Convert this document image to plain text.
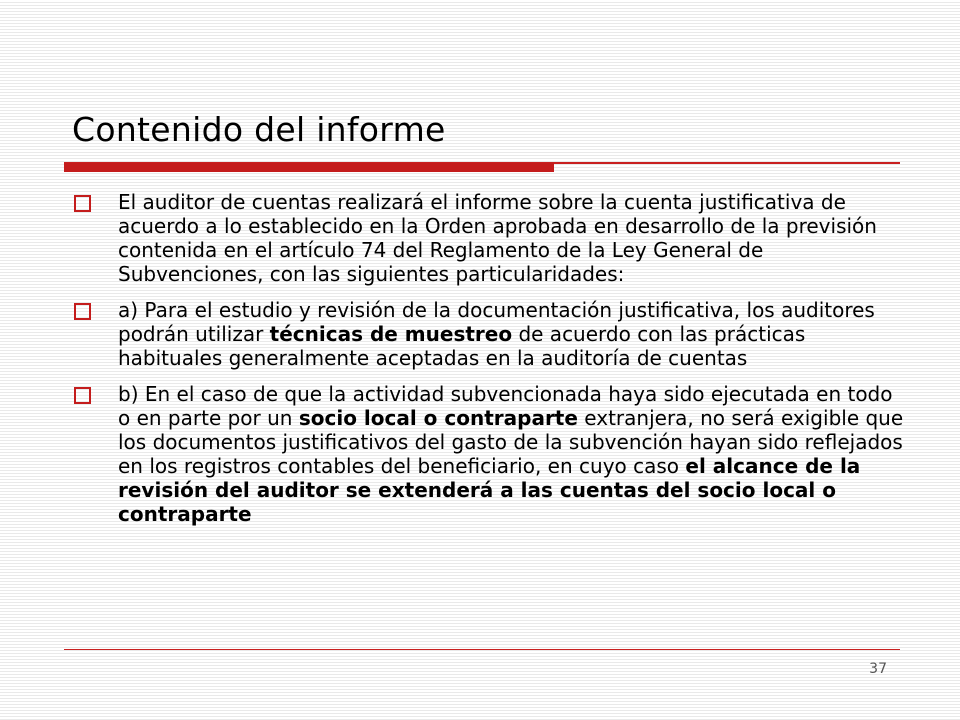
Contenido del informe
El auditor de cuentas realizará el informe sobre la cuenta justificativa de acuerdo a lo establecido en la Orden aprobada en desarrollo de la previsión contenida en el artículo 74 del Reglamento de la Ley General de Subvenciones, con las siguientes particularidades:
a) Para el estudio y revisión de la documentación justificativa, los auditores podrán utilizar técnicas de muestreo de acuerdo con las prácticas habituales generalmente aceptadas en la auditoría de cuentas
b) En el caso de que la actividad subvencionada haya sido ejecutada en todo o en parte por un socio local o contraparte extranjera, no será exigible que los documentos justificativos del gasto de la subvención hayan sido reflejados en los registros contables del beneficiario, en cuyo caso el alcance de la revisión del auditor se extenderá a las cuentas del socio local o contraparte
37
